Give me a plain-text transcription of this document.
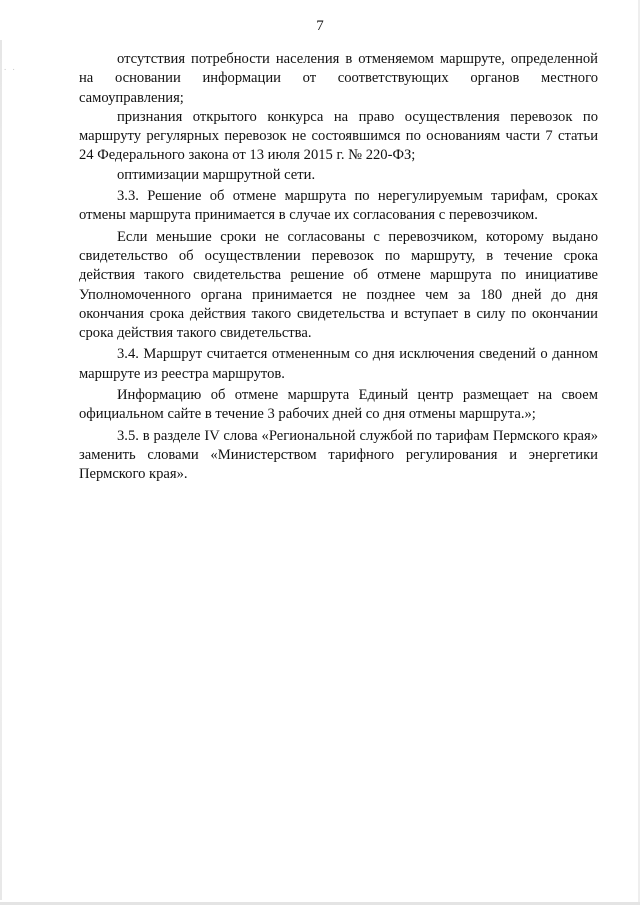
. .
7

отсутствия потребности населения в отменяемом маршруте, определенной на основании информации от соответствующих органов местного самоуправления;

признания открытого конкурса на право осуществления перевозок по маршруту регулярных перевозок не состоявшимся по основаниям части 7 статьи 24 Федерального закона от 13 июля 2015 г. № 220-ФЗ;

оптимизации маршрутной сети.

3.3. Решение об отмене маршрута по нерегулируемым тарифам, сроках отмены маршрута принимается в случае их согласования с перевозчиком.

Если меньшие сроки не согласованы с перевозчиком, которому выдано свидетельство об осуществлении перевозок по маршруту, в течение срока действия такого свидетельства решение об отмене маршрута по инициативе Уполномоченного органа принимается не позднее чем за 180 дней до дня окончания срока действия такого свидетельства и вступает в силу по окончании срока действия такого свидетельства.

3.4. Маршрут считается отмененным со дня исключения сведений о данном маршруте из реестра маршрутов.

Информацию об отмене маршрута Единый центр размещает на своем официальном сайте в течение 3 рабочих дней со дня отмены маршрута.»;

3.5. в разделе IV слова «Региональной службой по тарифам Пермского края» заменить словами «Министерством тарифного регулирования и энергетики Пермского края».
